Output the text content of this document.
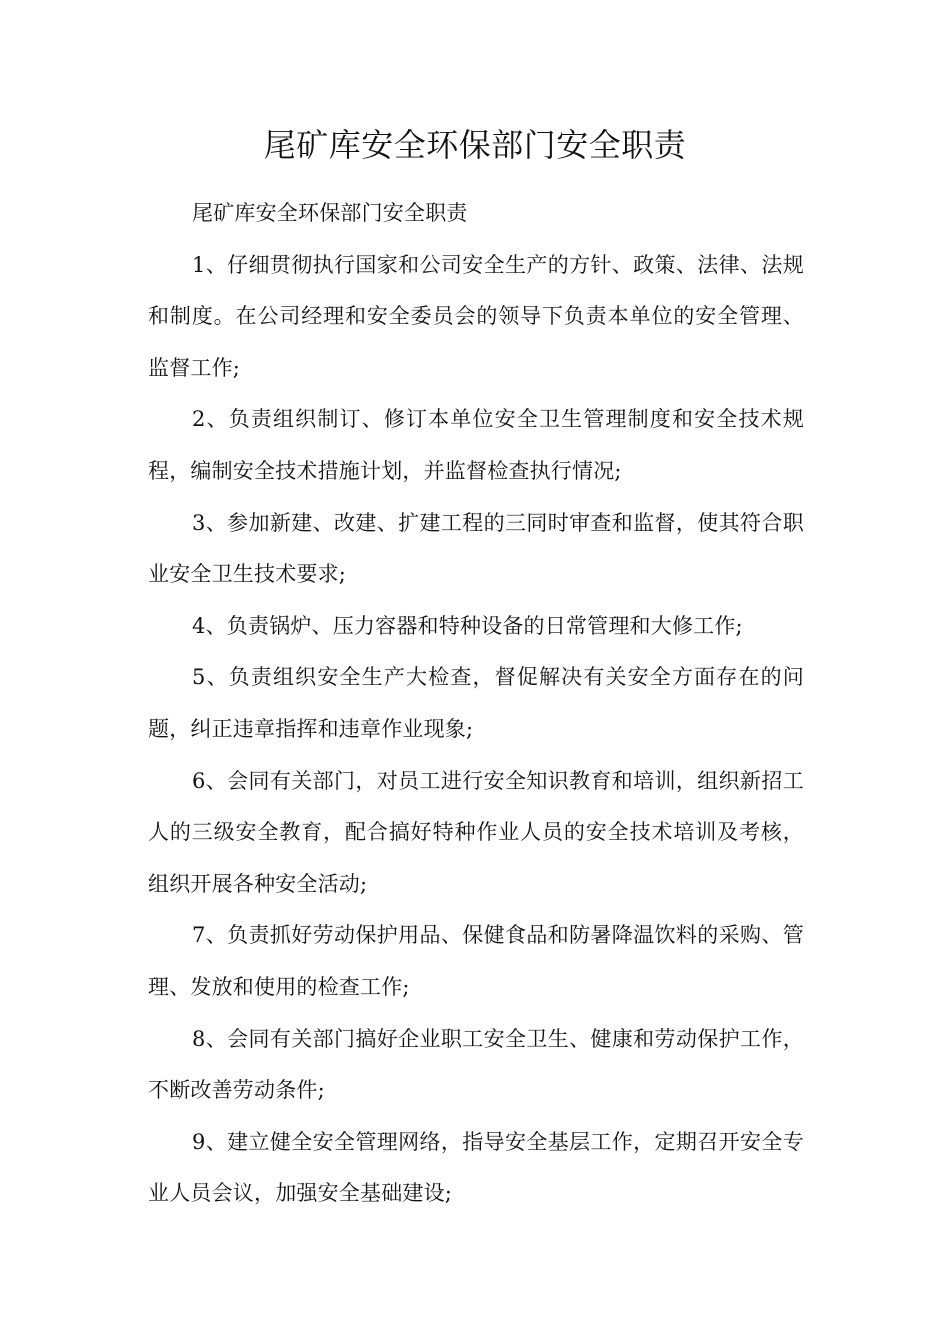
尾矿库安全环保部门安全职责

尾矿库安全环保部门安全职责

1、仔细贯彻执行国家和公司安全生产的方针、政策、法律、法规和制度。在公司经理和安全委员会的领导下负责本单位的安全管理、监督工作;

2、负责组织制订、修订本单位安全卫生管理制度和安全技术规程，编制安全技术措施计划，并监督检查执行情况;

3、参加新建、改建、扩建工程的三同时审查和监督，使其符合职业安全卫生技术要求;

4、负责锅炉、压力容器和特种设备的日常管理和大修工作;

5、负责组织安全生产大检查，督促解决有关安全方面存在的问题，纠正违章指挥和违章作业现象;

6、会同有关部门，对员工进行安全知识教育和培训，组织新招工人的三级安全教育，配合搞好特种作业人员的安全技术培训及考核，组织开展各种安全活动;

7、负责抓好劳动保护用品、保健食品和防暑降温饮料的采购、管理、发放和使用的检查工作;

8、会同有关部门搞好企业职工安全卫生、健康和劳动保护工作，不断改善劳动条件;

9、建立健全安全管理网络，指导安全基层工作，定期召开安全专业人员会议，加强安全基础建设;
